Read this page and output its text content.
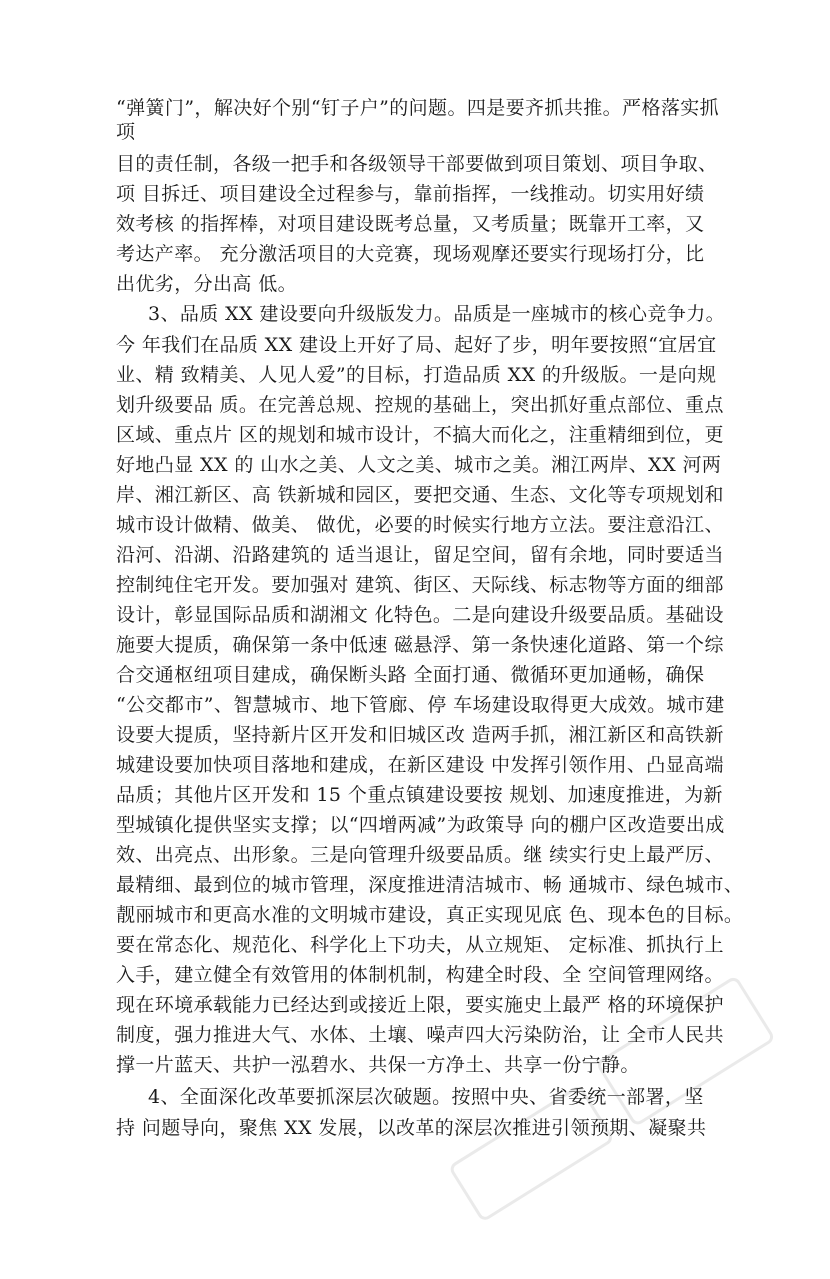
“弹簧门”，解决好个别“钉子户”的问题。四是要齐抓共推。严格落实抓
项
目的责任制，各级一把手和各级领导干部要做到项目策划、项目争取、
项 目拆迁、项目建设全过程参与，靠前指挥，一线推动。切实用好绩
效考核 的指挥棒，对项目建设既考总量，又考质量；既靠开工率，又
考达产率。 充分激活项目的大竞赛，现场观摩还要实行现场打分，比
出优劣，分出高 低。
3、品质 XX 建设要向升级版发力。品质是一座城市的核心竞争力。
今 年我们在品质 XX 建设上开好了局、起好了步，明年要按照“宜居宜
业、精 致精美、人见人爱”的目标，打造品质 XX 的升级版。一是向规
划升级要品 质。在完善总规、控规的基础上，突出抓好重点部位、重点
区域、重点片 区的规划和城市设计，不搞大而化之，注重精细到位，更
好地凸显 XX 的 山水之美、人文之美、城市之美。湘江两岸、XX 河两
岸、湘江新区、高 铁新城和园区，要把交通、生态、文化等专项规划和
城市设计做精、做美、 做优，必要的时候实行地方立法。要注意沿江、
沿河、沿湖、沿路建筑的 适当退让，留足空间，留有余地，同时要适当
控制纯住宅开发。要加强对 建筑、街区、天际线、标志物等方面的细部
设计，彰显国际品质和湖湘文 化特色。二是向建设升级要品质。基础设
施要大提质，确保第一条中低速 磁悬浮、第一条快速化道路、第一个综
合交通枢纽项目建成，确保断头路 全面打通、微循环更加通畅，确保
“公交都市”、智慧城市、地下管廊、停 车场建设取得更大成效。城市建
设要大提质，坚持新片区开发和旧城区改 造两手抓，湘江新区和高铁新
城建设要加快项目落地和建成，在新区建设 中发挥引领作用、凸显高端
品质；其他片区开发和 15 个重点镇建设要按 规划、加速度推进，为新
型城镇化提供坚实支撑；以“四增两减”为政策导 向的棚户区改造要出成
效、出亮点、出形象。三是向管理升级要品质。继 续实行史上最严厉、
最精细、最到位的城市管理，深度推进清洁城市、畅 通城市、绿色城市、
靓丽城市和更高水准的文明城市建设，真正实现见底 色、现本色的目标。
要在常态化、规范化、科学化上下功夫，从立规矩、 定标准、抓执行上
入手，建立健全有效管用的体制机制，构建全时段、全 空间管理网络。
现在环境承载能力已经达到或接近上限，要实施史上最严 格的环境保护
制度，强力推进大气、水体、土壤、噪声四大污染防治，让 全市人民共
撑一片蓝天、共护一泓碧水、共保一方净土、共享一份宁静。
4、全面深化改革要抓深层次破题。按照中央、省委统一部署，坚
持 问题导向，聚焦 XX 发展，以改革的深层次推进引领预期、凝聚共
